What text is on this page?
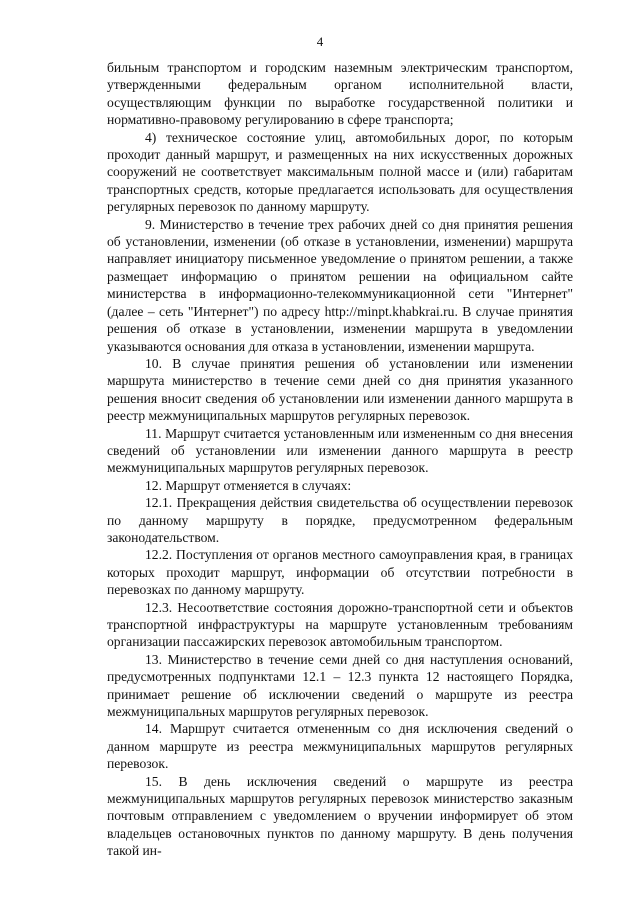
4

бильным транспортом и городским наземным электрическим транспортом, утвержденными федеральным органом исполнительной власти, осуществляющим функции по выработке государственной политики и нормативно-правовому регулированию в сфере транспорта;

4) техническое состояние улиц, автомобильных дорог, по которым проходит данный маршрут, и размещенных на них искусственных дорожных сооружений не соответствует максимальным полной массе и (или) габаритам транспортных средств, которые предлагается использовать для осуществления регулярных перевозок по данному маршруту.

9. Министерство в течение трех рабочих дней со дня принятия решения об установлении, изменении (об отказе в установлении, изменении) маршрута направляет инициатору письменное уведомление о принятом решении, а также размещает информацию о принятом решении на официальном сайте министерства в информационно-телекоммуникационной сети "Интернет" (далее – сеть "Интернет") по адресу http://minpt.khabkrai.ru. В случае принятия решения об отказе в установлении, изменении маршрута в уведомлении указываются основания для отказа в установлении, изменении маршрута.

10. В случае принятия решения об установлении или изменении маршрута министерство в течение семи дней со дня принятия указанного решения вносит сведения об установлении или изменении данного маршрута в реестр межмуниципальных маршрутов регулярных перевозок.

11. Маршрут считается установленным или измененным со дня внесения сведений об установлении или изменении данного маршрута в реестр межмуниципальных маршрутов регулярных перевозок.

12. Маршрут отменяется в случаях:

12.1. Прекращения действия свидетельства об осуществлении перевозок по данному маршруту в порядке, предусмотренном федеральным законодательством.

12.2. Поступления от органов местного самоуправления края, в границах которых проходит маршрут, информации об отсутствии потребности в перевозках по данному маршруту.

12.3. Несоответствие состояния дорожно-транспортной сети и объектов транспортной инфраструктуры на маршруте установленным требованиям организации пассажирских перевозок автомобильным транспортом.

13. Министерство в течение семи дней со дня наступления оснований, предусмотренных подпунктами 12.1 – 12.3 пункта 12 настоящего Порядка, принимает решение об исключении сведений о маршруте из реестра межмуниципальных маршрутов регулярных перевозок.

14. Маршрут считается отмененным со дня исключения сведений о данном маршруте из реестра межмуниципальных маршрутов регулярных перевозок.

15. В день исключения сведений о маршруте из реестра межмуниципальных маршрутов регулярных перевозок министерство заказным почтовым отправлением с уведомлением о вручении информирует об этом владельцев остановочных пунктов по данному маршруту. В день получения такой ин-
